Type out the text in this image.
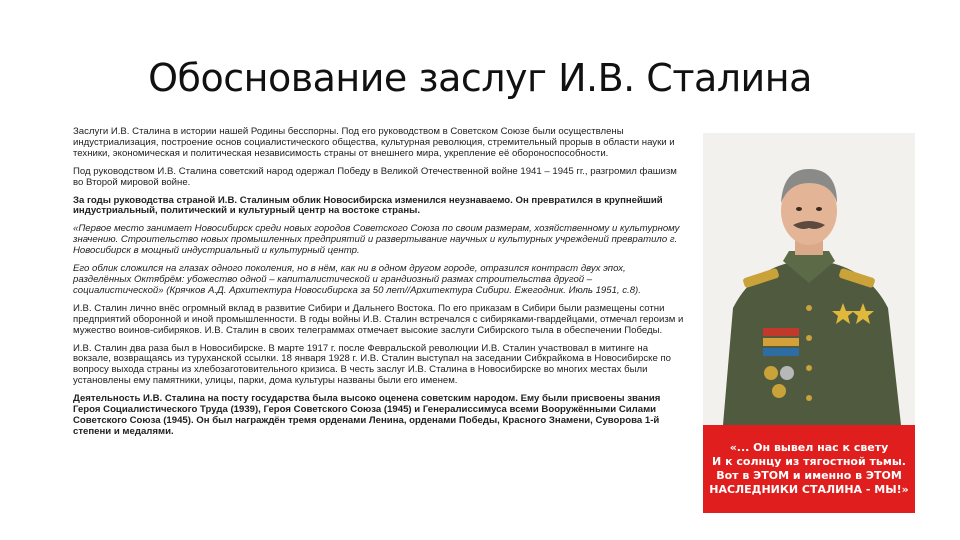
Обоснование заслуг И.В. Сталина

Заслуги И.В. Сталина в истории нашей Родины бесспорны. Под его руководством в Советском Союзе были осуществлены индустриализация, построение основ социалистического общества, культурная революция, стремительный прорыв в области науки и техники, экономическая и политическая независимость страны от внешнего мира, укрепление её обороноспособности.

Под руководством И.В. Сталина советский народ одержал Победу в Великой Отечественной войне 1941 – 1945 гг., разгромил фашизм во Второй мировой войне.

За годы руководства страной И.В. Сталиным облик Новосибирска изменился неузнаваемо. Он превратился в крупнейший индустриальный, политический и культурный центр на востоке страны.

«Первое место занимает Новосибирск среди новых городов Советского Союза по своим размерам, хозяйственному и культурному значению. Строительство новых промышленных предприятий и развертывание научных и культурных учреждений превратило г. Новосибирск в мощный индустриальный и культурный центр.

Его облик сложился на глазах одного поколения, но в нём, как ни в одном другом городе, отразился контраст двух эпох, разделённых Октябрём: убожество одной – капиталистической и грандиозный размах строительства другой – социалистической» (Крячков А.Д. Архитектура Новосибирска за 50 лет//Архитектура Сибири. Ежегодник. Июль 1951, с.8).

И.В. Сталин лично внёс огромный вклад в развитие Сибири и Дальнего Востока. По его приказам в Сибири были размещены сотни предприятий оборонной и иной промышленности. В годы войны И.В. Сталин встречался с сибиряками-гвардейцами, отмечал героизм и мужество воинов-сибиряков. И.В. Сталин в своих телеграммах отмечает высокие заслуги Сибирского тыла в обеспечении Победы.

И.В. Сталин два раза был в Новосибирске. В марте 1917 г. после Февральской революции И.В. Сталин участвовал в митинге на вокзале, возвращаясь из туруханской ссылки. 18 января 1928 г. И.В. Сталин выступал на заседании Сибкрайкома в Новосибирске по вопросу выхода страны из хлебозаготовительного кризиса. В честь заслуг И.В. Сталина в Новосибирске во многих местах были установлены ему памятники, улицы, парки, дома культуры названы были его именем.

Деятельность И.В. Сталина на посту государства была высоко оценена советским народом. Ему были присвоены звания Героя Социалистического Труда (1939), Героя Советского Союза (1945) и Генералиссимуса всеми Вооружёнными Силами Советского Союза (1945). Он был награждён тремя орденами Ленина, орденами Победы, Красного Знамени, Суворова 1-й степени и медалями.

«... Он вывел нас к свету
И к солнцу из тягостной тьмы.
Вот в ЭТОМ и именно в ЭТОМ
НАСЛЕДНИКИ СТАЛИНА - МЫ!»
